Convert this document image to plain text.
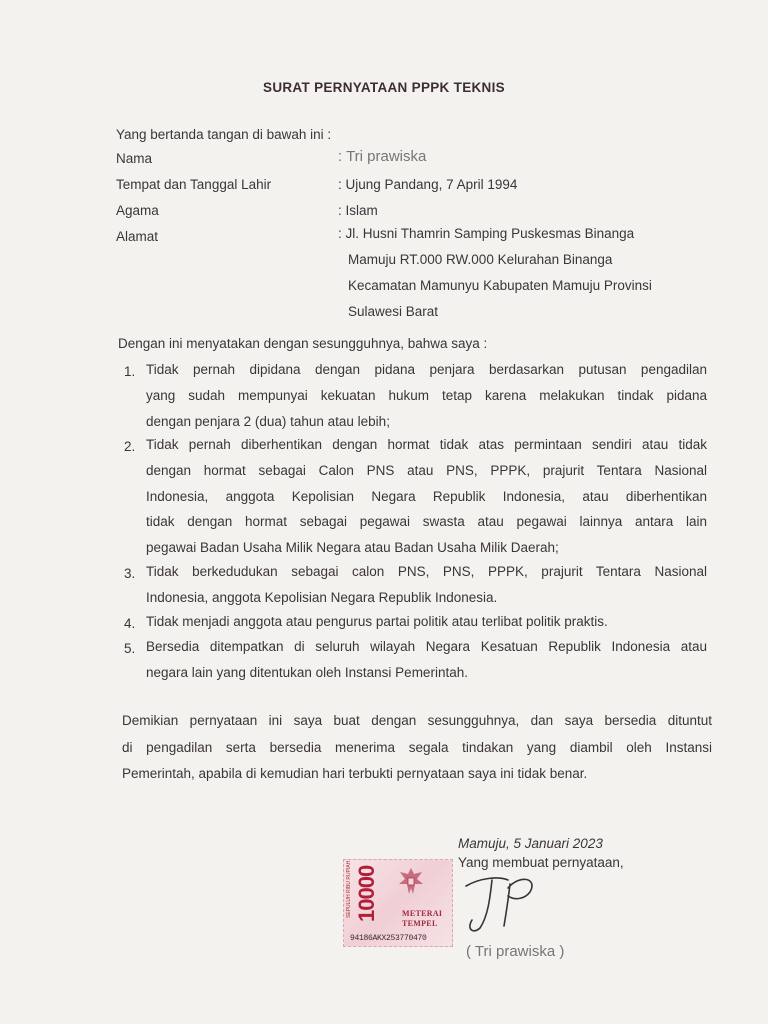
SURAT PERNYATAAN PPPK TEKNIS
Yang bertanda tangan di bawah ini :
Nama	: Tri prawiska
Tempat dan Tanggal Lahir	: Ujung Pandang, 7 April 1994
Agama	: Islam
Alamat	: Jl. Husni Thamrin Samping Puskesmas Binanga
Mamuju RT.000 RW.000 Kelurahan Binanga
Kecamatan Mamunyu Kabupaten Mamuju Provinsi
Sulawesi Barat
Dengan ini menyatakan dengan sesungguhnya, bahwa saya :
1. Tidak pernah dipidana dengan pidana penjara berdasarkan putusan pengadilan
yang sudah mempunyai kekuatan hukum tetap karena melakukan tindak pidana
dengan penjara 2 (dua) tahun atau lebih;
2. Tidak pernah diberhentikan dengan hormat tidak atas permintaan sendiri atau tidak
dengan hormat sebagai Calon PNS atau PNS, PPPK, prajurit Tentara Nasional
Indonesia, anggota Kepolisian Negara Republik Indonesia, atau diberhentikan
tidak dengan hormat sebagai pegawai swasta atau pegawai lainnya antara lain
pegawai Badan Usaha Milik Negara atau Badan Usaha Milik Daerah;
3. Tidak berkedudukan sebagai calon PNS, PNS, PPPK, prajurit Tentara Nasional
Indonesia, anggota Kepolisian Negara Republik Indonesia.
4. Tidak menjadi anggota atau pengurus partai politik atau terlibat politik praktis.
5. Bersedia ditempatkan di seluruh wilayah Negara Kesatuan Republik Indonesia atau
negara lain yang ditentukan oleh Instansi Pemerintah.
Demikian pernyataan ini saya buat dengan sesungguhnya, dan saya bersedia dituntut
di pengadilan serta bersedia menerima segala tindakan yang diambil oleh Instansi
Pemerintah, apabila di kemudian hari terbukti pernyataan saya ini tidak benar.
Mamuju, 5 Januari 2023
Yang membuat pernyataan,
10000
SEPULUH RIBU RUPIAH	METERAI
TEMPEL
94186AKX253770470
( Tri prawiska )
